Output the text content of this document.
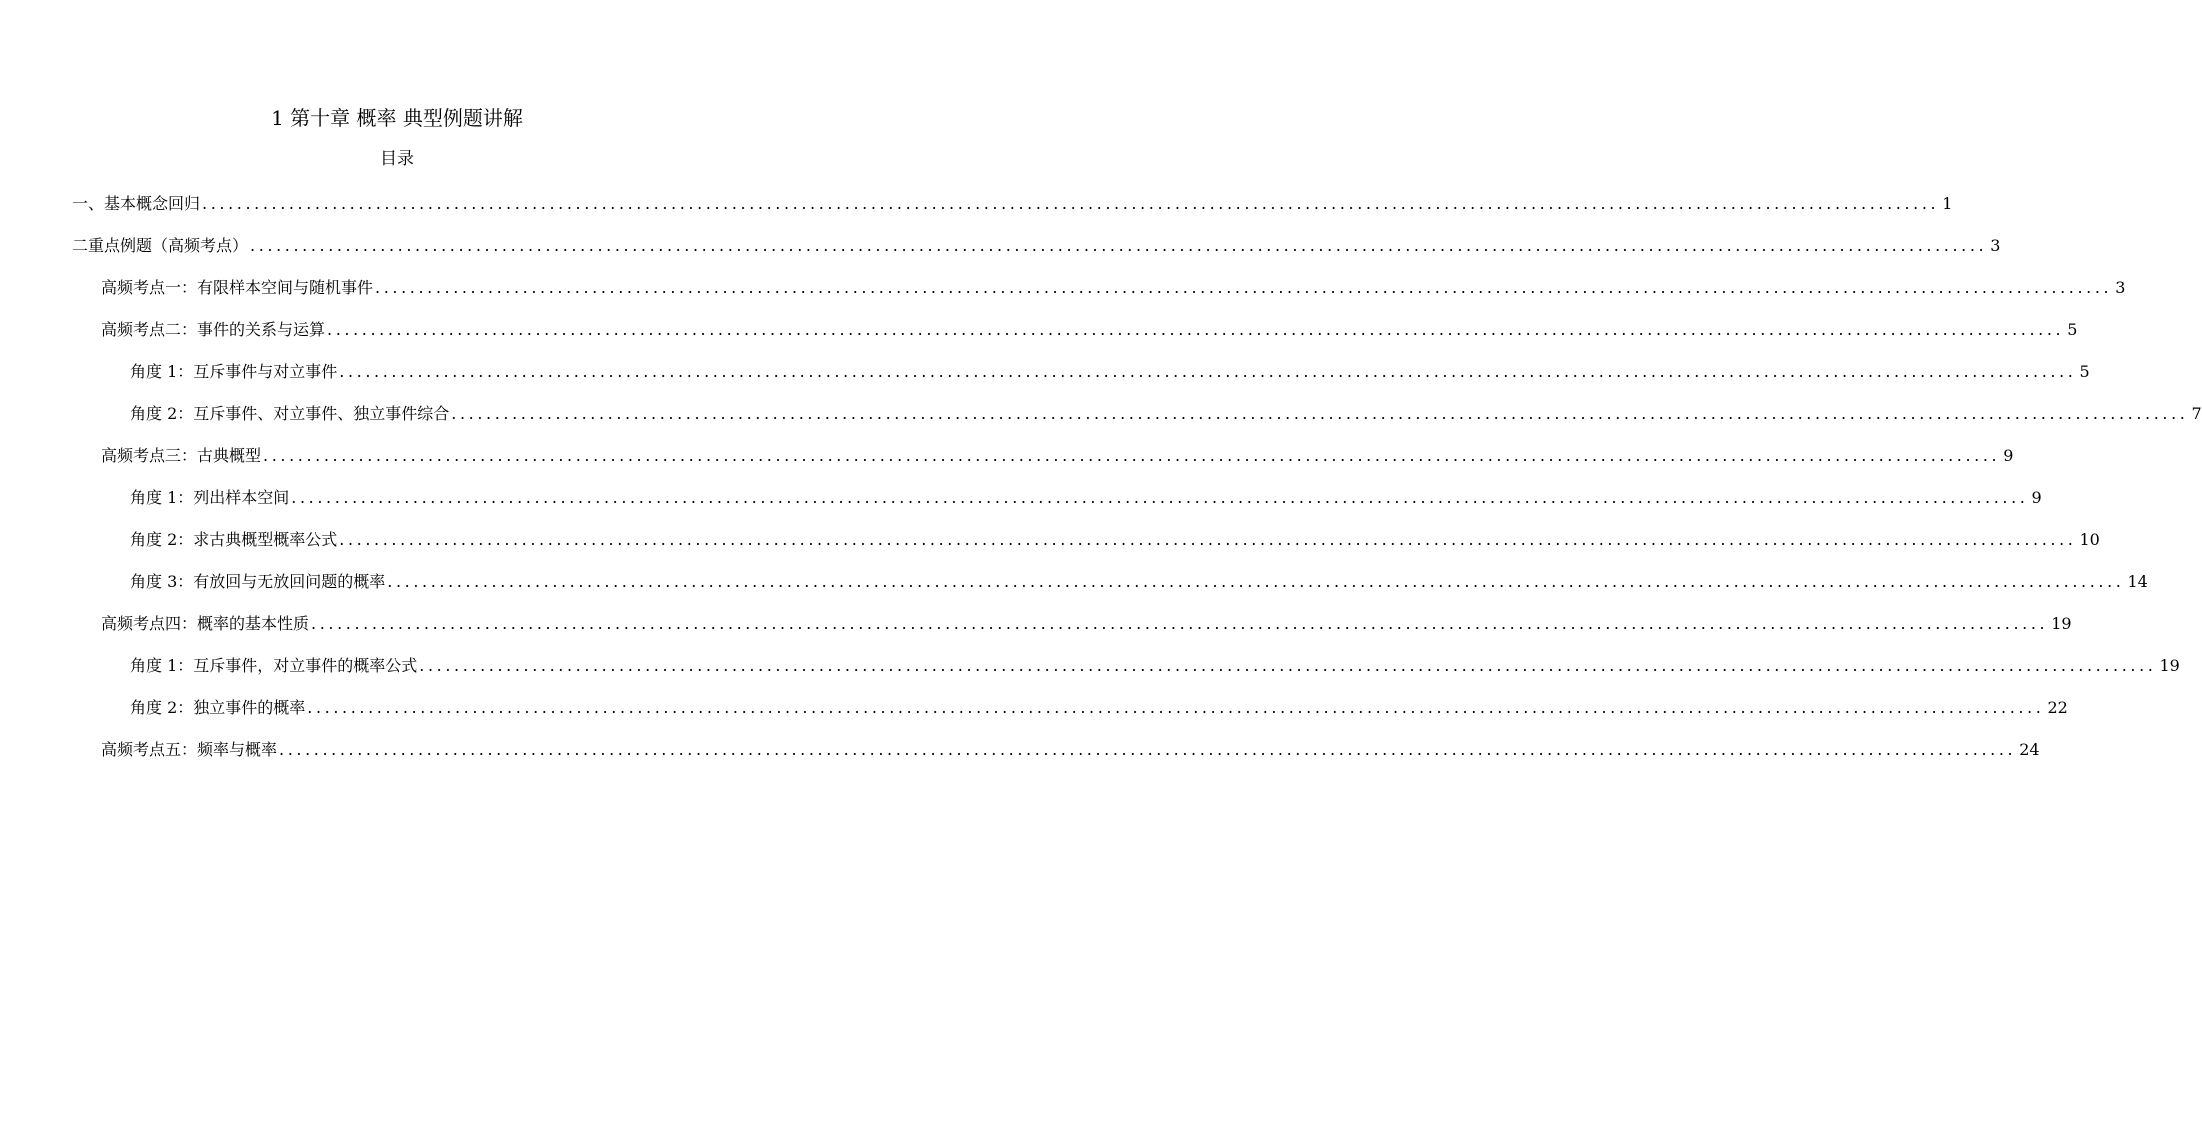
1 第十章 概率 典型例题讲解
目录
一、基本概念回归 ........................................................................................................................................................................................................ 1
二重点例题（高频考点） ........................................................................................................................................................................................................ 3
高频考点一：有限样本空间与随机事件 ........................................................................................................................................................................................................ 3
高频考点二：事件的关系与运算 ........................................................................................................................................................................................................ 5
角度 1：互斥事件与对立事件 ........................................................................................................................................................................................................ 5
角度 2：互斥事件、对立事件、独立事件综合 ........................................................................................................................................................................................................ 7
高频考点三：古典概型 ........................................................................................................................................................................................................ 9
角度 1：列出样本空间 ........................................................................................................................................................................................................ 9
角度 2：求古典概型概率公式 ........................................................................................................................................................................................................ 10
角度 3：有放回与无放回问题的概率 ........................................................................................................................................................................................................ 14
高频考点四：概率的基本性质 ........................................................................................................................................................................................................ 19
角度 1：互斥事件，对立事件的概率公式 ........................................................................................................................................................................................................ 19
角度 2：独立事件的概率 ........................................................................................................................................................................................................ 22
高频考点五：频率与概率 ........................................................................................................................................................................................................ 24
